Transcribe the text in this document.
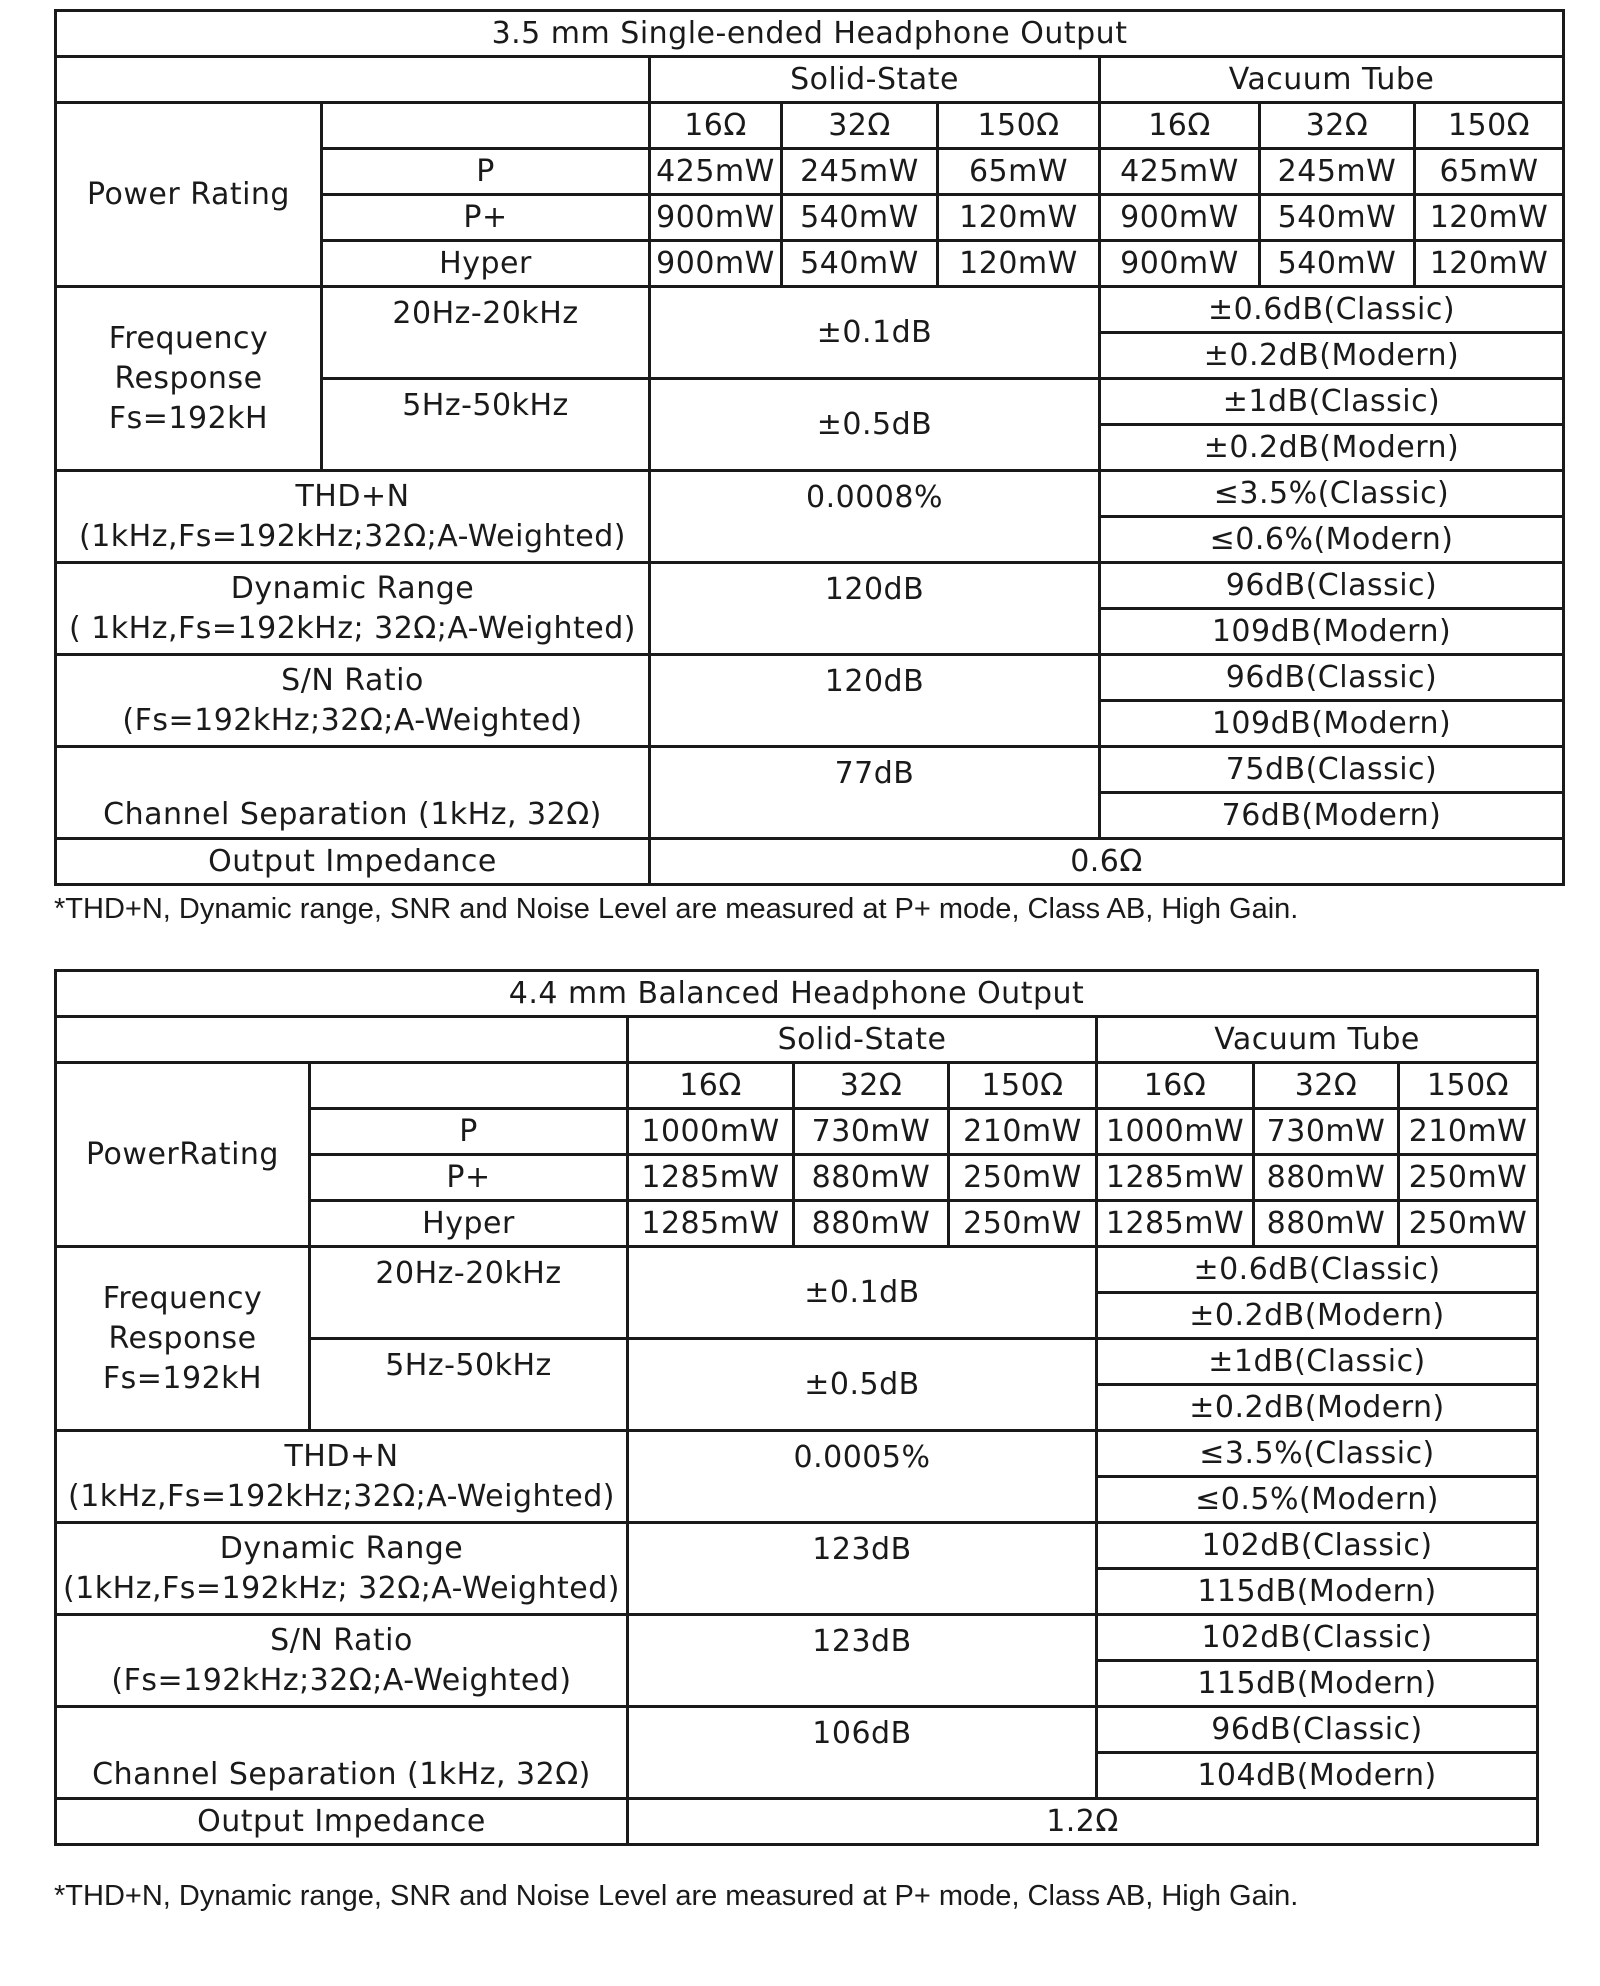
3.5 mm Single-ended Headphone Output							
		Solid-State			Vacuum Tube		
Power Rating		16Ω	32Ω	150Ω	16Ω	32Ω	150Ω
	P	425mW	245mW	65mW	425mW	245mW	65mW
	P+	900mW	540mW	120mW	900mW	540mW	120mW
	Hyper	900mW	540mW	120mW	900mW	540mW	120mW
Frequency Response Fs=192kH	20Hz-20kHz	±0.1dB			±0.6dB(Classic)		
					±0.2dB(Modern)		
	5Hz-50kHz	±0.5dB			±1dB(Classic)		
					±0.2dB(Modern)		
THD+N
(1kHz,Fs=192kHz;32Ω;A-Weighted)		0.0008%			≤3.5%(Classic)		
					≤0.6%(Modern)		
Dynamic Range
( 1kHz,Fs=192kHz; 32Ω;A-Weighted)		120dB			96dB(Classic)		
					109dB(Modern)		
S/N Ratio
(Fs=192kHz;32Ω;A-Weighted)		120dB			96dB(Classic)		
					109dB(Modern)		
Channel Separation (1kHz, 32Ω)		77dB			75dB(Classic)		
					76dB(Modern)		
Output Impedance		0.6Ω					
*THD+N, Dynamic range, SNR and Noise Level are measured at P+ mode, Class AB, High Gain.
4.4 mm Balanced Headphone Output							
		Solid-State			Vacuum Tube		
PowerRating		16Ω	32Ω	150Ω	16Ω	32Ω	150Ω
	P	1000mW	730mW	210mW	1000mW	730mW	210mW
	P+	1285mW	880mW	250mW	1285mW	880mW	250mW
	Hyper	1285mW	880mW	250mW	1285mW	880mW	250mW
Frequency Response Fs=192kH	20Hz-20kHz	±0.1dB			±0.6dB(Classic)		
					±0.2dB(Modern)		
	5Hz-50kHz	±0.5dB			±1dB(Classic)		
					±0.2dB(Modern)		
THD+N
(1kHz,Fs=192kHz;32Ω;A-Weighted)		0.0005%			≤3.5%(Classic)		
					≤0.5%(Modern)		
Dynamic Range
(1kHz,Fs=192kHz; 32Ω;A-Weighted)		123dB			102dB(Classic)		
					115dB(Modern)		
S/N Ratio
(Fs=192kHz;32Ω;A-Weighted)		123dB			102dB(Classic)		
					115dB(Modern)		
Channel Separation (1kHz, 32Ω)		106dB			96dB(Classic)		
					104dB(Modern)		
Output Impedance		1.2Ω					
*THD+N, Dynamic range, SNR and Noise Level are measured at P+ mode, Class AB, High Gain.
